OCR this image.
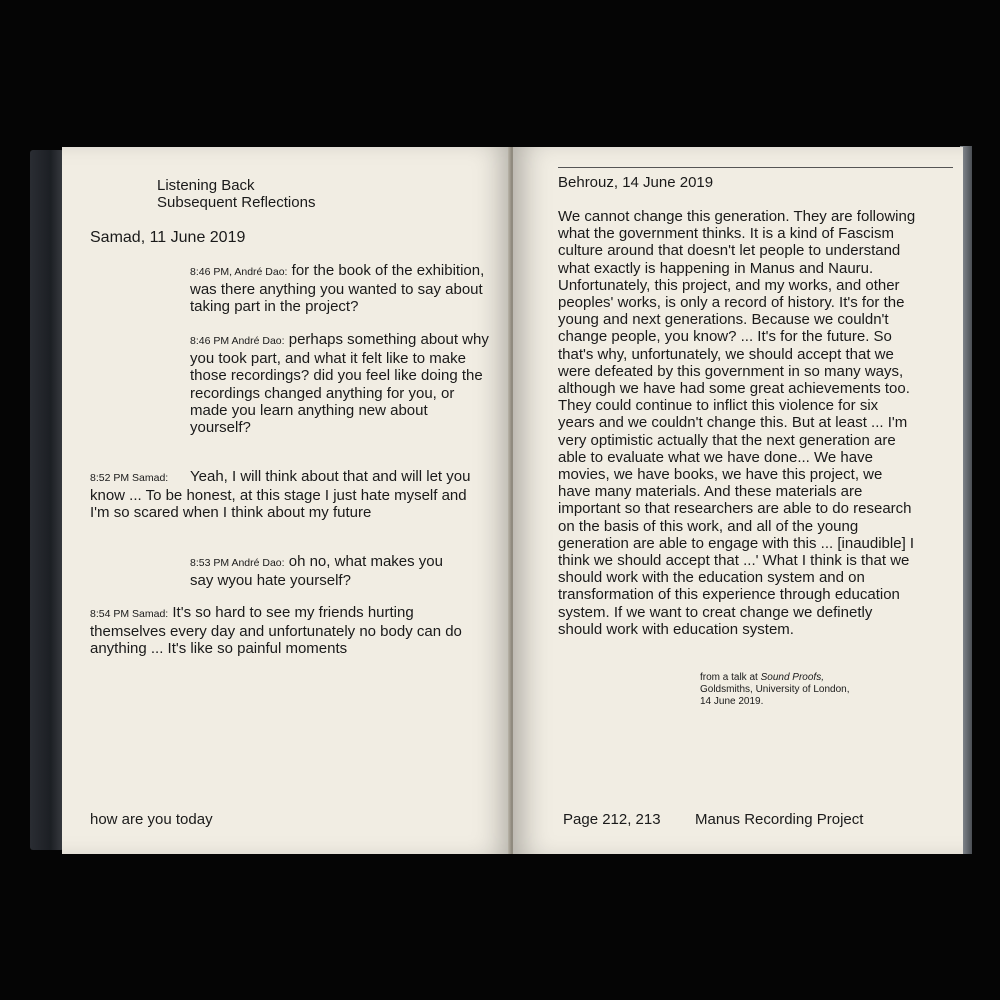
Listening Back

Subsequent Reflections

Samad, 11 June 2019

8:46 PM, André Dao: for the book of the exhibition, was there anything you wanted to say about taking part in the project?

8:46 PM André Dao: perhaps something about why you took part, and what it felt like to make those recordings? did you feel like doing the recordings changed anything for you, or made you learn anything new about yourself?

8:52 PM Samad: Yeah, I will think about that and will let you know ... To be honest, at this stage I just hate myself and I'm so scared when I think about my future

8:53 PM André Dao: oh no, what makes you say wyou hate yourself?

8:54 PM Samad: It's so hard to see my friends hurting themselves every day and unfortunately no body can do anything ... It's like so painful moments

how are you today

Behrouz, 14 June 2019

We cannot change this generation. They are following what the government thinks. It is a kind of Fascism culture around that doesn't let people to understand what exactly is happening in Manus and Nauru. Unfortunately, this project, and my works, and other peoples' works, is only a record of history. It's for the young and next generations. Because we couldn't change people, you know? ... It's for the future. So that's why, unfortunately, we should accept that we were defeated by this government in so many ways, although we have had some great achievements too. They could continue to inflict this violence for six years and we couldn't change this. But at least ... I'm very optimistic actually that the next generation are able to evaluate what we have done... We have movies, we have books, we have this project, we have many materials. And these materials are important so that researchers are able to do research on the basis of this work, and all of the young generation are able to engage with this ... [inaudible] I think we should accept that ...' What I think is that we should work with the education system and on transformation of this experience through education system. If we want to creat change we definetly should work with education system.

from a talk at Sound Proofs,
Goldsmiths, University of London,
14 June 2019.

Page 212, 213 Manus Recording Project
